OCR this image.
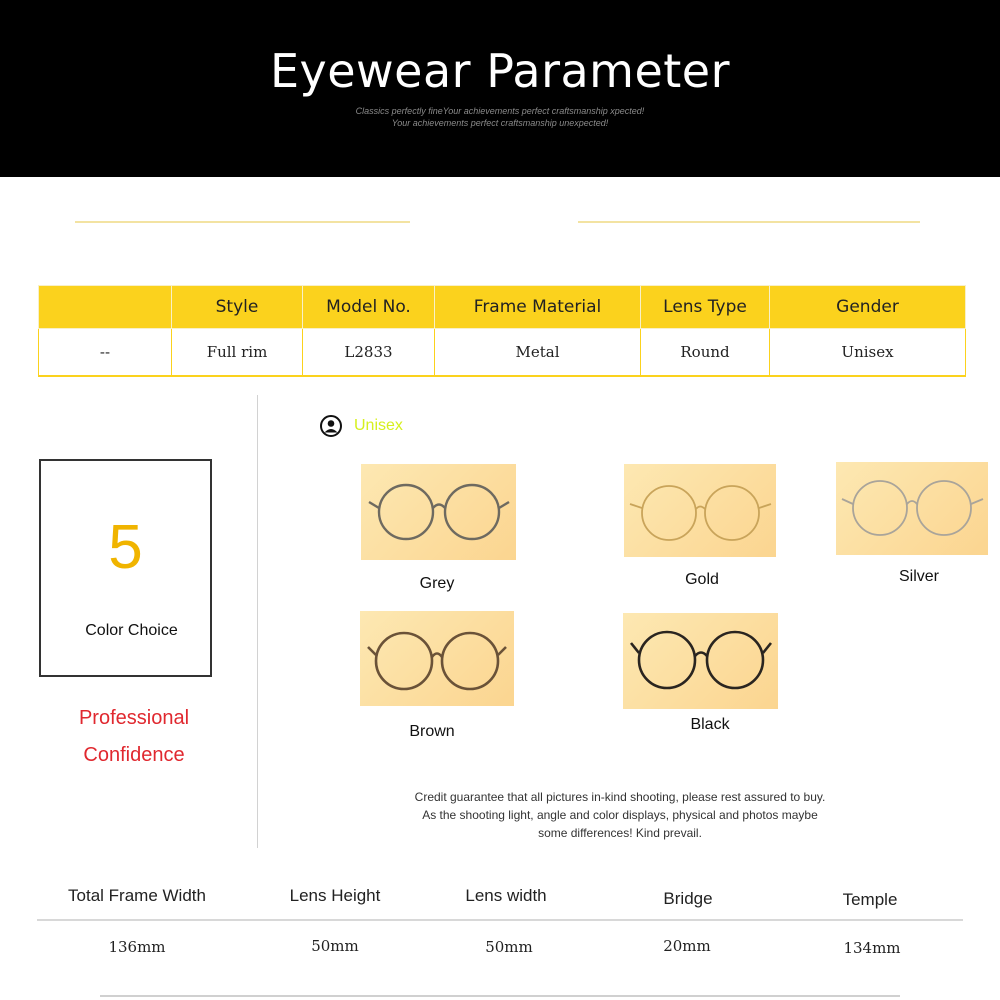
Eyewear Parameter
Classics perfectly fineYour achievements perfect craftsmanship xpected!
Your achievements perfect craftsmanship unexpected!
	Style	Model No.	Frame Material	Lens Type	Gender
--	Full rim	L2833	Metal	Round	Unisex
5
Color Choice
Professional
Confidence
Unisex
Grey	Gold	Silver
Brown	Black
Credit guarantee that all pictures in-kind shooting, please rest assured to buy.
As the shooting light, angle and color displays, physical and photos maybe
some differences! Kind prevail.
Total Frame Width	Lens Height	Lens width	Bridge	Temple
136mm	50mm	50mm	20mm	134mm
